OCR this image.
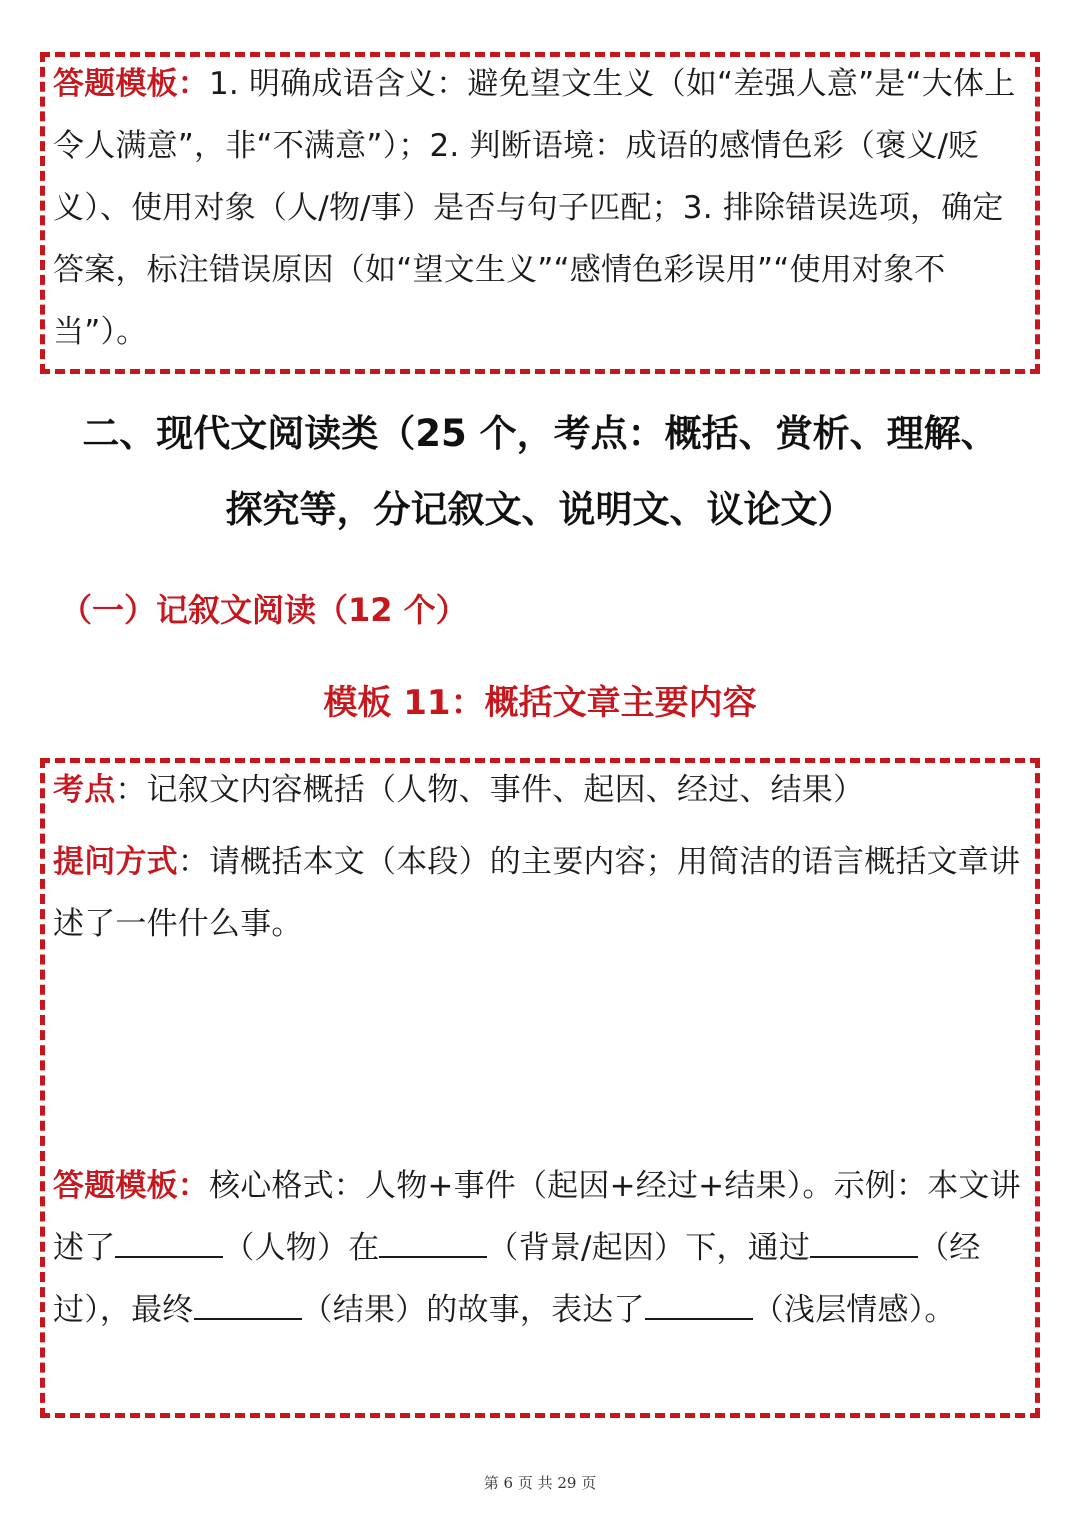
答题模板：1. 明确成语含义：避免望文生义（如“差强人意”是“大体上令人满意”，非“不满意”）；2. 判断语境：成语的感情色彩（褒义/贬义）、使用对象（人/物/事）是否与句子匹配；3. 排除错误选项，确定答案，标注错误原因（如“望文生义”“感情色彩误用”“使用对象不当”）。

二、现代文阅读类（25 个，考点：概括、赏析、理解、
探究等，分记叙文、说明文、议论文）
（一）记叙文阅读（12 个）
模板 11：概括文章主要内容

考点：记叙文内容概括（人物、事件、起因、经过、结果）

提问方式：请概括本文（本段）的主要内容；用简洁的语言概括文章讲述了一件什么事。

答题模板：核心格式：人物+事件（起因+经过+结果）。示例：本文讲述了	（人物）在	（背景/起因）下，通过	（经过），最终	（结果）的故事，表达了	（浅层情感）。

第 6 页 共 29 页
